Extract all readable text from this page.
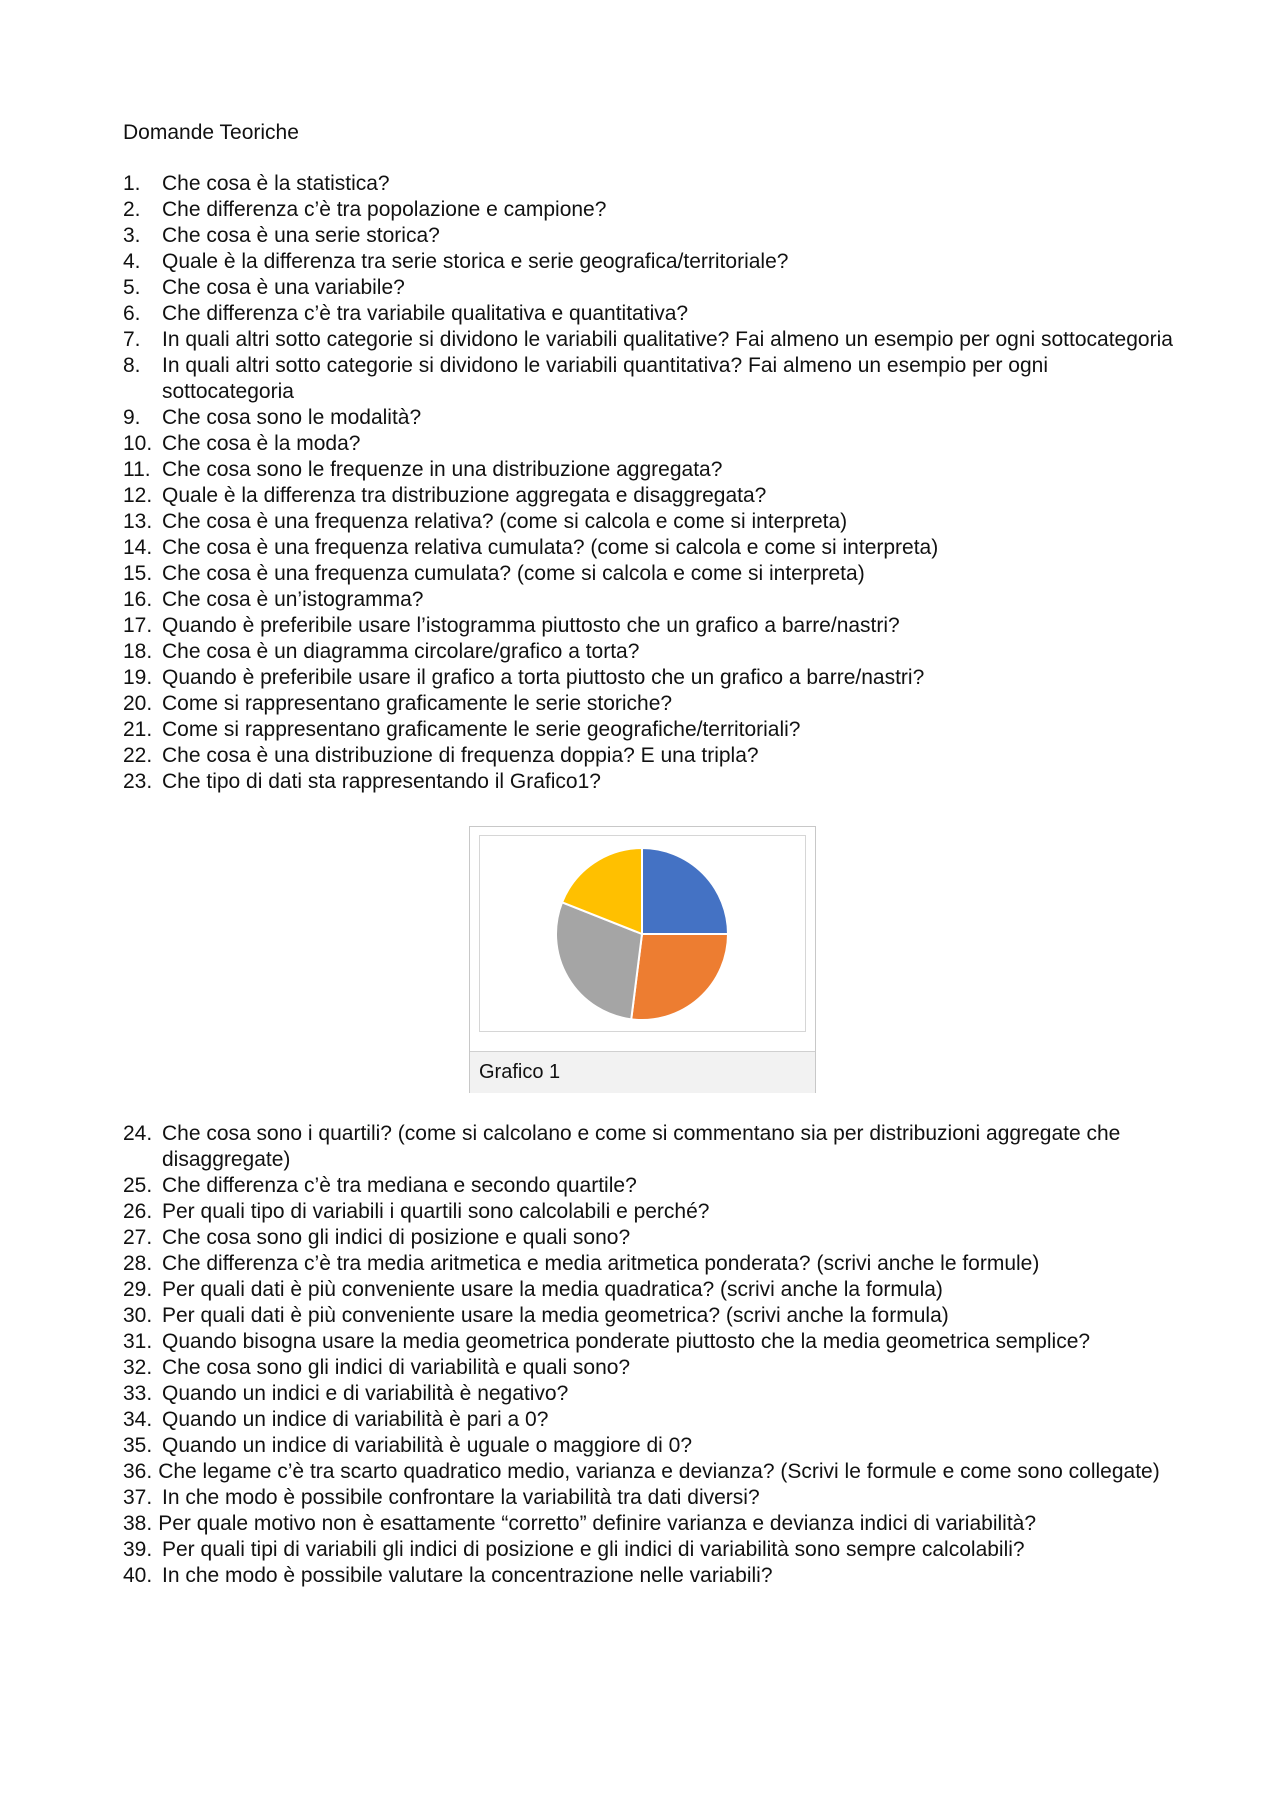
Domande Teoriche
1.	Che cosa è la statistica?
2.	Che differenza c’è tra popolazione e campione?
3.	Che cosa è una serie storica?
4.	Quale è la differenza tra serie storica e serie geografica/territoriale?
5.	Che cosa è una variabile?
6.	Che differenza c’è tra variabile qualitativa e quantitativa?
7.	In quali altri sotto categorie si dividono le variabili qualitative? Fai almeno un esempio per ogni sottocategoria
8.	In quali altri sotto categorie si dividono le variabili quantitativa? Fai almeno un esempio per ogni sottocategoria
9.	Che cosa sono le modalità?
10. Che cosa è la moda?
11. Che cosa sono le frequenze in una distribuzione aggregata?
12. Quale è la differenza tra distribuzione aggregata e disaggregata?
13. Che cosa è una frequenza relativa? (come si calcola e come si interpreta)
14. Che cosa è una frequenza relativa cumulata? (come si calcola e come si interpreta)
15. Che cosa è una frequenza cumulata? (come si calcola e come si interpreta)
16. Che cosa è un’istogramma?
17. Quando è preferibile usare l’istogramma piuttosto che un grafico a barre/nastri?
18. Che cosa è un diagramma circolare/grafico a torta?
19. Quando è preferibile usare il grafico a torta piuttosto che un grafico a barre/nastri?
20. Come si rappresentano graficamente le serie storiche?
21. Come si rappresentano graficamente le serie geografiche/territoriali?
22. Che cosa è una distribuzione di frequenza doppia? E una tripla?
23. Che tipo di dati sta rappresentando il Grafico1?
Grafico 1
24. Che cosa sono i quartili? (come si calcolano e come si commentano sia per distribuzioni aggregate che disaggregate)
25. Che differenza c’è tra mediana e secondo quartile?
26. Per quali tipo di variabili i quartili sono calcolabili e perché?
27. Che cosa sono gli indici di posizione e quali sono?
28. Che differenza c’è tra media aritmetica e media aritmetica ponderata? (scrivi anche le formule)
29. Per quali dati è più conveniente usare la media quadratica? (scrivi anche la formula)
30. Per quali dati è più conveniente usare la media geometrica? (scrivi anche la formula)
31. Quando bisogna usare la media geometrica ponderate piuttosto che la media geometrica semplice?
32. Che cosa sono gli indici di variabilità e quali sono?
33. Quando un indici e di variabilità è negativo?
34. Quando un indice di variabilità è pari a 0?
35. Quando un indice di variabilità è uguale o maggiore di 0?
36. Che legame c’è tra scarto quadratico medio, varianza e devianza? (Scrivi le formule e come sono collegate)
37. In che modo è possibile confrontare la variabilità tra dati diversi?
38. Per quale motivo non è esattamente “corretto” definire varianza e devianza indici di variabilità?
39. Per quali tipi di variabili gli indici di posizione e gli indici di variabilità sono sempre calcolabili?
40. In che modo è possibile valutare la concentrazione nelle variabili?
